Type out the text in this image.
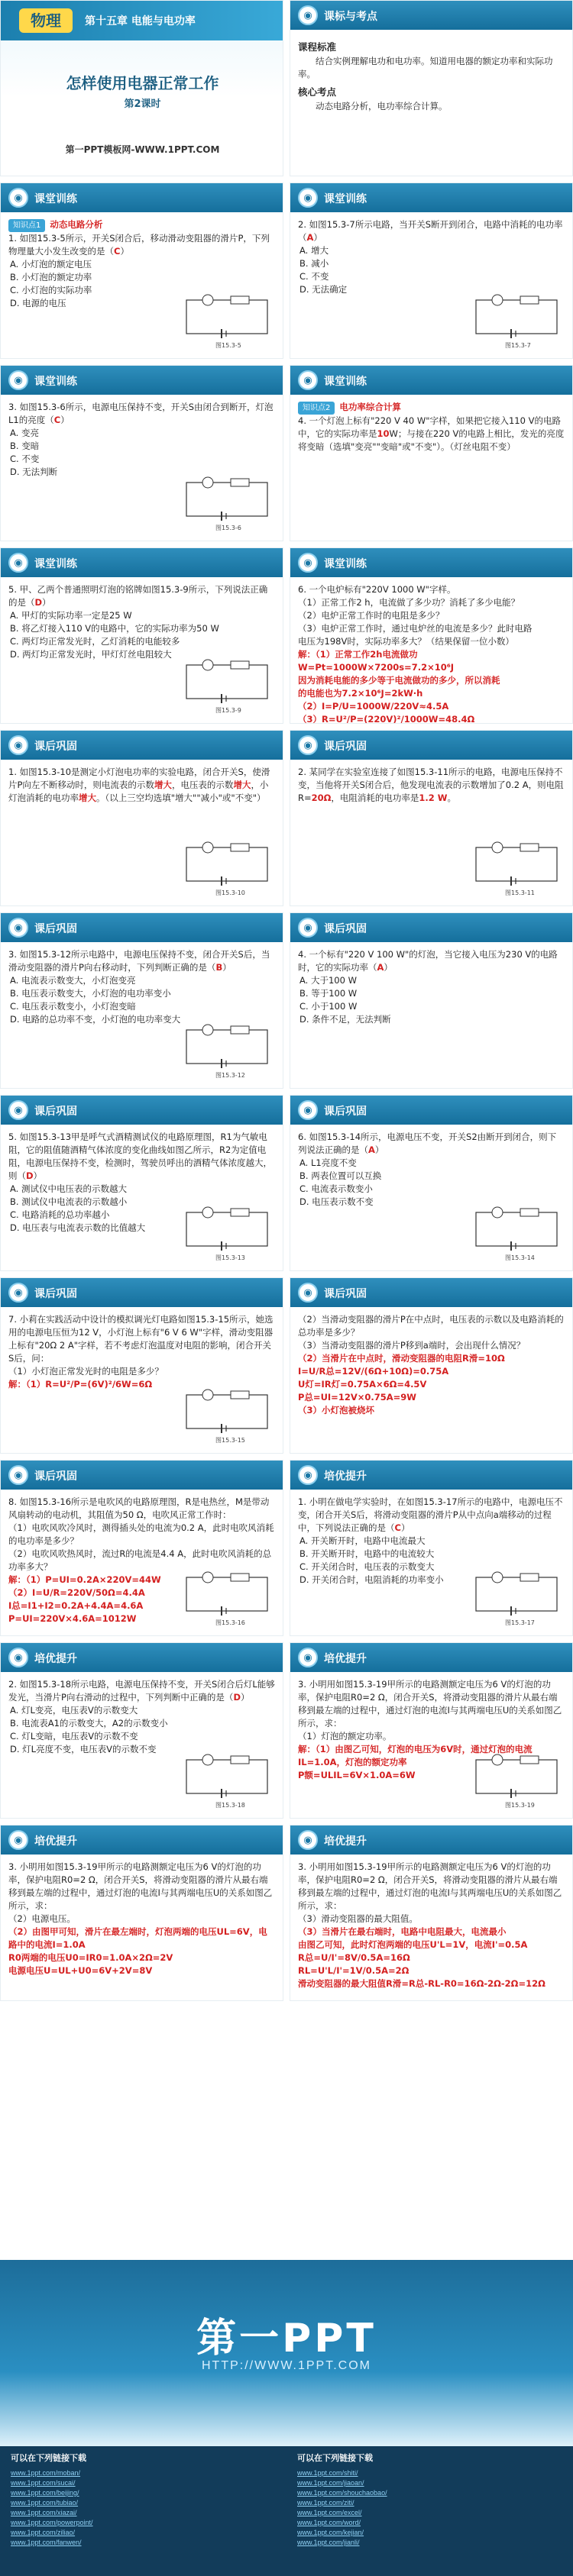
物理	第十五章 电能与电功率
怎样使用电器正常工作
第2课时
第一PPT模板网-WWW.1PPT.COM
◉	课标与考点
课程标准

结合实例理解电功和电功率。知道用电器的额定功率和实际功率。

核心考点

动态电路分析，电功率综合计算。

◉	课堂训练
知识点1 动态电路分析
1. 如图15.3-5所示，开关S闭合后，移动滑动变阻器的滑片P，下列物理量大小发生改变的是（C）
A. 小灯泡的额定电压
B. 小灯泡的额定功率
C. 小灯泡的实际功率
D. 电源的电压
图15.3-5
◉	课堂训练
2. 如图15.3-7所示电路，当开关S断开到闭合，电路中消耗的电功率（A）
A. 增大
B. 减小
C. 不变
D. 无法确定
图15.3-7
◉	课堂训练
3. 如图15.3-6所示，电源电压保持不变，开关S由闭合到断开，灯泡L1的亮度（C）
A. 变亮
B. 变暗
C. 不变
D. 无法判断
图15.3-6
◉	课堂训练
知识点2 电功率综合计算
4. 一个灯泡上标有"220 V 40 W"字样，如果把它接入110 V的电路中，它的实际功率是10W；与接在220 V的电路上相比，发光的亮度将变暗（选填"变亮""变暗"或"不变"）。（灯丝电阻不变）
◉	课堂训练
5. 甲、乙两个普通照明灯泡的铭牌如图15.3-9所示，下列说法正确的是（D）
A. 甲灯的实际功率一定是25 W
B. 将乙灯接入110 V的电路中，它的实际功率为50 W
C. 两灯均正常发光时，乙灯消耗的电能较多
D. 两灯均正常发光时，甲灯灯丝电阻较大
图15.3-9
◉	课堂训练
6. 一个电炉标有"220V 1000 W"字样。
（1）正常工作2 h，电流做了多少功？消耗了多少电能？
（2）电炉正常工作时的电阻是多少？
（3）电炉正常工作时，通过电炉丝的电流是多少？此时电路
电压为198V时，实际功率多大？（结果保留一位小数）
解：（1）正常工作2h电流做功
W=Pt=1000W×7200s=7.2×10⁶J
因为消耗电能的多少等于电流做功的多少，所以消耗
的电能也为7.2×10⁶J=2kW·h
（2）I=P/U=1000W/220V≈4.5A
（3）R=U²/P=(220V)²/1000W=48.4Ω
◉	课后巩固
1. 如图15.3-10是测定小灯泡电功率的实验电路，闭合开关S，使滑片P向左不断移动时，则电流表的示数增大，电压表的示数增大，小灯泡消耗的电功率增大。（以上三空均选填"增大""减小"或"不变"）
图15.3-10
◉	课后巩固
2. 某同学在实验室连接了如图15.3-11所示的电路，电源电压保持不变，当他将开关S闭合后，他发现电流表的示数增加了0.2 A，则电阻R=20Ω，电阻消耗的电功率是1.2 W。
图15.3-11
◉	课后巩固
3. 如图15.3-12所示电路中，电源电压保持不变，闭合开关S后，当滑动变阻器的滑片P向右移动时，下列判断正确的是（B）
A. 电流表示数变大，小灯泡变亮
B. 电压表示数变大，小灯泡的电功率变小
C. 电压表示数变小，小灯泡变暗
D. 电路的总功率不变，小灯泡的电功率变大
图15.3-12
◉	课后巩固
4. 一个标有"220 V 100 W"的灯泡，当它接入电压为230 V的电路时，它的实际功率（A）
A. 大于100 W
B. 等于100 W
C. 小于100 W
D. 条件不足，无法判断
◉	课后巩固
5. 如图15.3-13甲是呼气式酒精测试仪的电路原理图，R1为气敏电阻，它的阻值随酒精气体浓度的变化曲线如图乙所示，R2为定值电阻，电源电压保持不变，检测时，驾驶员呼出的酒精气体浓度越大，则（D）
A. 测试仪中电压表的示数越大
B. 测试仪中电流表的示数越小
C. 电路消耗的总功率越小
D. 电压表与电流表示数的比值越大
图15.3-13
◉	课后巩固
6. 如图15.3-14所示，电源电压不变，开关S2由断开到闭合，则下列说法正确的是（A）
A. L1亮度不变
B. 两表位置可以互换
C. 电流表示数变小
D. 电压表示数不变
图15.3-14
◉	课后巩固
7. 小莉在实践活动中设计的模拟调光灯电路如图15.3-15所示，她选用的电源电压恒为12 V，小灯泡上标有"6 V 6 W"字样，滑动变阻器上标有"20Ω 2 A"字样，若不考虑灯泡温度对电阻的影响，闭合开关S后，问：
（1）小灯泡正常发光时的电阻是多少？
解：（1）R=U²/P=(6V)²/6W=6Ω
图15.3-15
◉	课后巩固
（2）当滑动变阻器的滑片P在中点时，电压表的示数以及电路消耗的总功率是多少？
（3）当滑动变阻器的滑片P移到a端时，会出现什么情况？
（2）当滑片在中点时，滑动变阻器的电阻R滑=10Ω
I=U/R总=12V/(6Ω+10Ω)=0.75A
U灯=IR灯=0.75A×6Ω=4.5V
P总=UI=12V×0.75A=9W
（3）小灯泡被烧坏
◉	课后巩固
8. 如图15.3-16所示是电吹风的电路原理图，R是电热丝，M是带动风扇转动的电动机，其阻值为50 Ω，电吹风正常工作时：
（1）电吹风吹冷风时，测得插头处的电流为0.2 A，此时电吹风消耗的电功率是多少？
（2）电吹风吹热风时，流过R的电流是4.4 A，此时电吹风消耗的总功率多大？
解：（1）P=UI=0.2A×220V=44W
（2）I=U/R=220V/50Ω=4.4A
I总=I1+I2=0.2A+4.4A=4.6A
P=UI=220V×4.6A=1012W	图15.3-16
◉	培优提升
1. 小明在做电学实验时，在如图15.3-17所示的电路中，电源电压不变，闭合开关S后，将滑动变阻器的滑片P从中点向a端移动的过程中，下列说法正确的是（C）
A. 开关断开时，电路中电流最大
B. 开关断开时，电路中的电流较大
C. 开关闭合时，电压表的示数变大
D. 开关闭合时，电阻消耗的功率变小
图15.3-17
◉	培优提升
2. 如图15.3-18所示电路，电源电压保持不变，开关S闭合后灯L能够发光，当滑片P向右滑动的过程中，下列判断中正确的是（D）
A. 灯L变亮，电压表V的示数变大
B. 电流表A1的示数变大，A2的示数变小
C. 灯L变暗，电压表V的示数不变
D. 灯L亮度不变，电压表V的示数不变
图15.3-18
◉	培优提升
3. 小明用如图15.3-19甲所示的电路测额定电压为6 V的灯泡的功率，保护电阻R0=2 Ω，闭合开关S，将滑动变阻器的滑片从最右端移到最左端的过程中，通过灯泡的电流I与其两端电压U的关系如图乙所示，求：
（1）灯泡的额定功率。
解：（1）由图乙可知，灯泡的电压为6V时，通过灯泡的电流IL=1.0A，灯泡的额定功率
P额=ULIL=6V×1.0A=6W
图15.3-19
◉	培优提升
3. 小明用如图15.3-19甲所示的电路测额定电压为6 V的灯泡的功率，保护电阻R0=2 Ω，闭合开关S，将滑动变阻器的滑片从最右端移到最左端的过程中，通过灯泡的电流I与其两端电压U的关系如图乙所示，求：
（2）电源电压。
（2）由图甲可知，滑片在最左端时，灯泡两端的电压UL=6V，电路中的电流I=1.0A
R0两端的电压U0=IR0=1.0A×2Ω=2V
电源电压U=UL+U0=6V+2V=8V
◉	培优提升
3. 小明用如图15.3-19甲所示的电路测额定电压为6 V的灯泡的功率，保护电阻R0=2 Ω，闭合开关S，将滑动变阻器的滑片从最右端移到最左端的过程中，通过灯泡的电流I与其两端电压U的关系如图乙所示，求：
（3）滑动变阻器的最大阻值。
（3）当滑片在最右端时，电路中电阻最大，电流最小
由图乙可知，此时灯泡两端的电压U'L=1V，电流I'=0.5A
R总=U/I'=8V/0.5A=16Ω
RL=U'L/I'=1V/0.5A=2Ω
滑动变阻器的最大阻值R滑=R总-RL-R0=16Ω-2Ω-2Ω=12Ω
第一PPT
HTTP://WWW.1PPT.COM
可以在下列链接下载
www.1ppt.com/moban/
www.1ppt.com/sucai/
www.1ppt.com/beijing/
www.1ppt.com/tubiao/
www.1ppt.com/xiazai/
www.1ppt.com/powerpoint/
www.1ppt.com/ziliao/
www.1ppt.com/fanwen/
可以在下列链接下载
www.1ppt.com/shiti/
www.1ppt.com/jiaoan/
www.1ppt.com/shouchaobao/
www.1ppt.com/ziti/
www.1ppt.com/excel/
www.1ppt.com/word/
www.1ppt.com/kejian/
www.1ppt.com/jianli/
